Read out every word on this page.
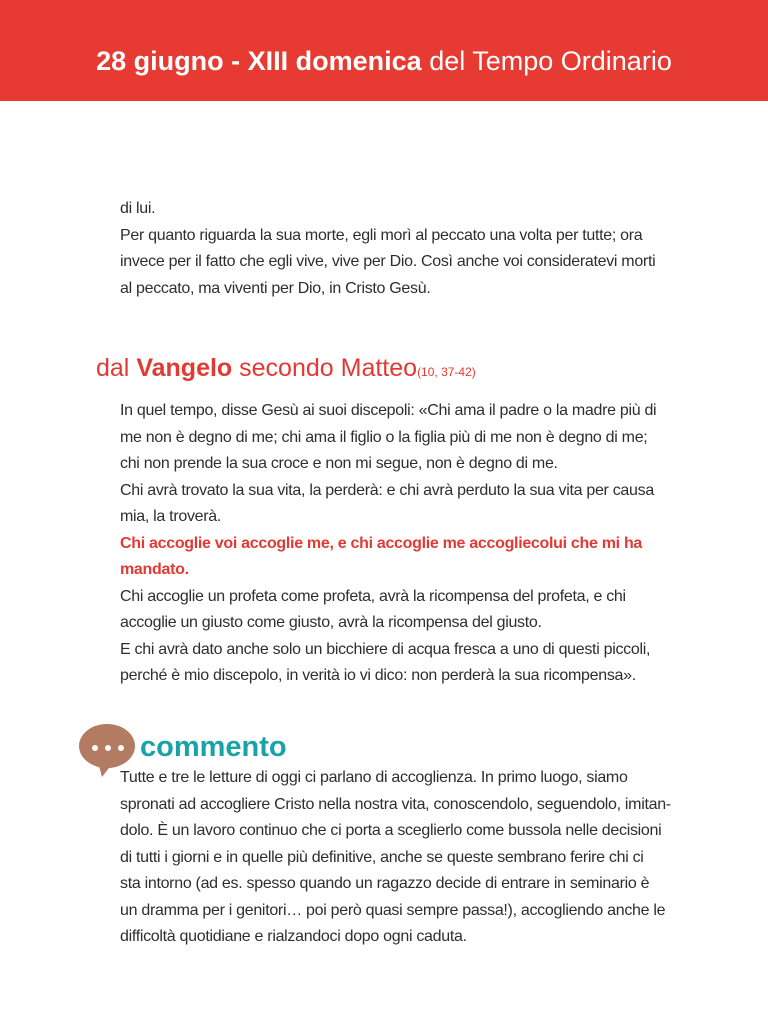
28 giugno - XIII domenica del Tempo Ordinario

di lui.

Per quanto riguarda la sua morte, egli morì al peccato una volta per tutte; ora

invece per il fatto che egli vive, vive per Dio. Così anche voi consideratevi morti

al peccato, ma viventi per Dio, in Cristo Gesù.

dal Vangelo secondo Matteo(10, 37-42)

In quel tempo, disse Gesù ai suoi discepoli: «Chi ama il padre o la madre più di

me non è degno di me; chi ama il figlio o la figlia più di me non è degno di me;

chi non prende la sua croce e non mi segue, non è degno di me.

Chi avrà trovato la sua vita, la perderà: e chi avrà perduto la sua vita per causa

mia, la troverà.

Chi accoglie voi accoglie me, e chi accoglie me accogliecolui che mi ha

mandato.

Chi accoglie un profeta come profeta, avrà la ricompensa del profeta, e chi

accoglie un giusto come giusto, avrà la ricompensa del giusto.

E chi avrà dato anche solo un bicchiere di acqua fresca a uno di questi piccoli,

perché è mio discepolo, in verità io vi dico: non perderà la sua ricompensa».

commento

Tutte e tre le letture di oggi ci parlano di accoglienza. In primo luogo, siamo

spronati ad accogliere Cristo nella nostra vita, conoscendolo, seguendolo, imitan-

dolo. È un lavoro continuo che ci porta a sceglierlo come bussola nelle decisioni

di tutti i giorni e in quelle più definitive, anche se queste sembrano ferire chi ci

sta intorno (ad es. spesso quando un ragazzo decide di entrare in seminario è

un dramma per i genitori… poi però quasi sempre passa!), accogliendo anche le

difficoltà quotidiane e rialzandoci dopo ogni caduta.
